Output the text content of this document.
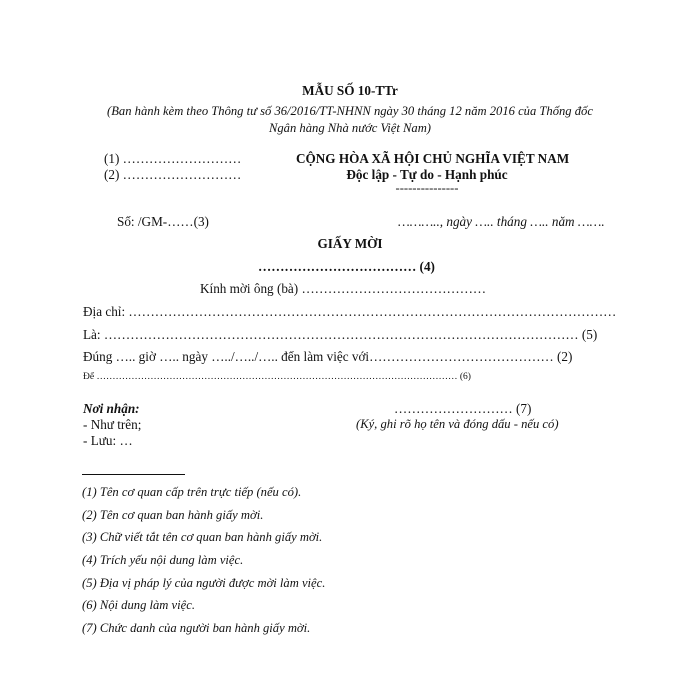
MẪU SỐ 10-TTr
(Ban hành kèm theo Thông tư số 36/2016/TT-NHNN ngày 30 tháng 12 năm 2016 của Thống đốc
Ngân hàng Nhà nước Việt Nam)
(1) ………………………
(2) ………………………
CỘNG HÒA XÃ HỘI CHỦ NGHĨA VIỆT NAM
Độc lập - Tự do - Hạnh phúc
---------------
Số: /GM-……(3)	……….., ngày ….. tháng ….. năm …….
GIẤY MỜI
……………………………… (4)
Kính mời ông (bà) ……………………………………
Địa chỉ: …………………………………………………………………………………………………
Là: ……………………………………………………………………………………………… (5)
Đúng ….. giờ ….. ngày …../…../….. đến làm việc với…………………………………… (2)
Để …………………………………………………………………………………………………… (6)
Nơi nhận:
- Như trên;
- Lưu: …
……………………… (7)
(Ký, ghi rõ họ tên và đóng dấu - nếu có)
(1) Tên cơ quan cấp trên trực tiếp (nếu có).
(2) Tên cơ quan ban hành giấy mời.
(3) Chữ viết tắt tên cơ quan ban hành giấy mời.
(4) Trích yếu nội dung làm việc.
(5) Địa vị pháp lý của người được mời làm việc.
(6) Nội dung làm việc.
(7) Chức danh của người ban hành giấy mời.
